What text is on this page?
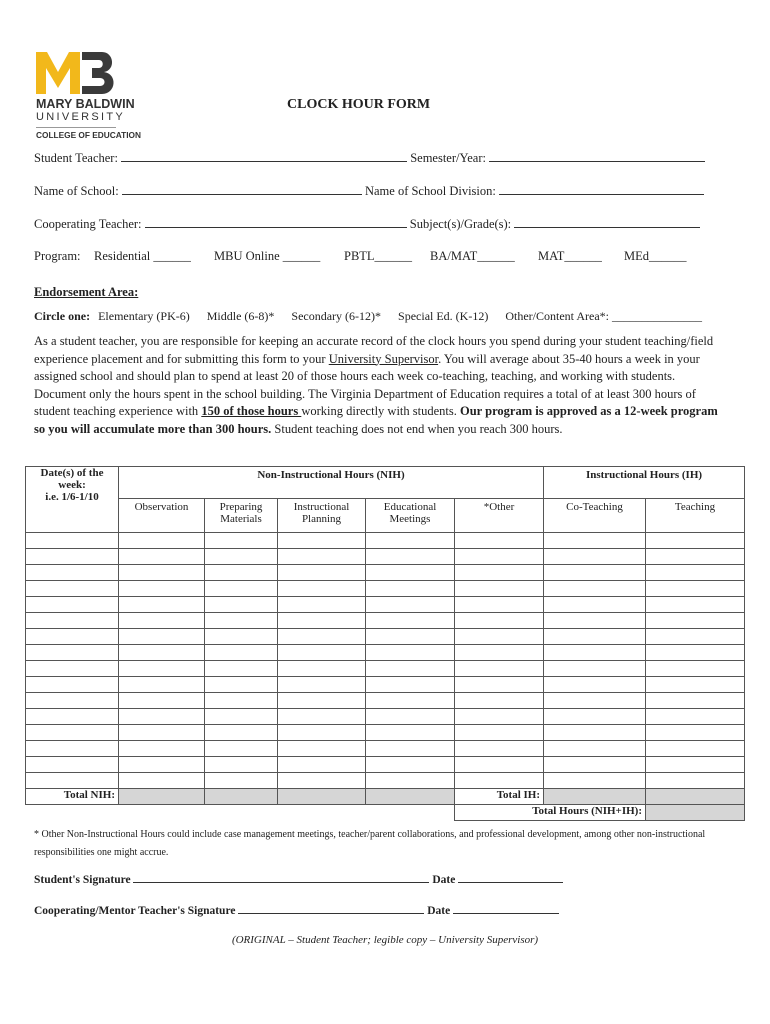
MARY BALDWIN
UNIVERSITY
COLLEGE OF EDUCATION
CLOCK HOUR FORM
Student Teacher:	Semester/Year:
Name of School:	Name of School Division:
Cooperating Teacher:	Subject(s)/Grade(s):
Program: Residential ______ MBU Online ______ PBTL______ BA/MAT______ MAT______ MEd______
Endorsement Area:
Circle one: Elementary (PK-6) Middle (6-8)* Secondary (6-12)* Special Ed. (K-12) Other/Content Area*: _______________
As a student teacher, you are responsible for keeping an accurate record of the clock hours you spend during your student teaching/field experience placement and for submitting this form to your University Supervisor. You will average about 35-40 hours a week in your assigned school and should plan to spend at least 20 of those hours each week co-teaching, teaching, and working with students. Document only the hours spent in the school building. The Virginia Department of Education requires a total of at least 300 hours of student teaching experience with 150 of those hours working directly with students. Our program is approved as a 12-week program so you will accumulate more than 300 hours. Student teaching does not end when you reach 300 hours.
Date(s) of the week:
i.e. 1/6-1/10	Non-Instructional Hours (NIH)					Instructional Hours (IH)	
	Observation	Preparing Materials	Instructional Planning	Educational Meetings	*Other	Co-Teaching	Teaching

Total NIH:					Total IH:		
					Total Hours (NIH+IH):		
* Other Non-Instructional Hours could include case management meetings, teacher/parent collaborations, and professional development, among other non-instructional responsibilities one might accrue.
Student's Signature	Date
Cooperating/Mentor Teacher's Signature	Date
(ORIGINAL – Student Teacher; legible copy – University Supervisor)
